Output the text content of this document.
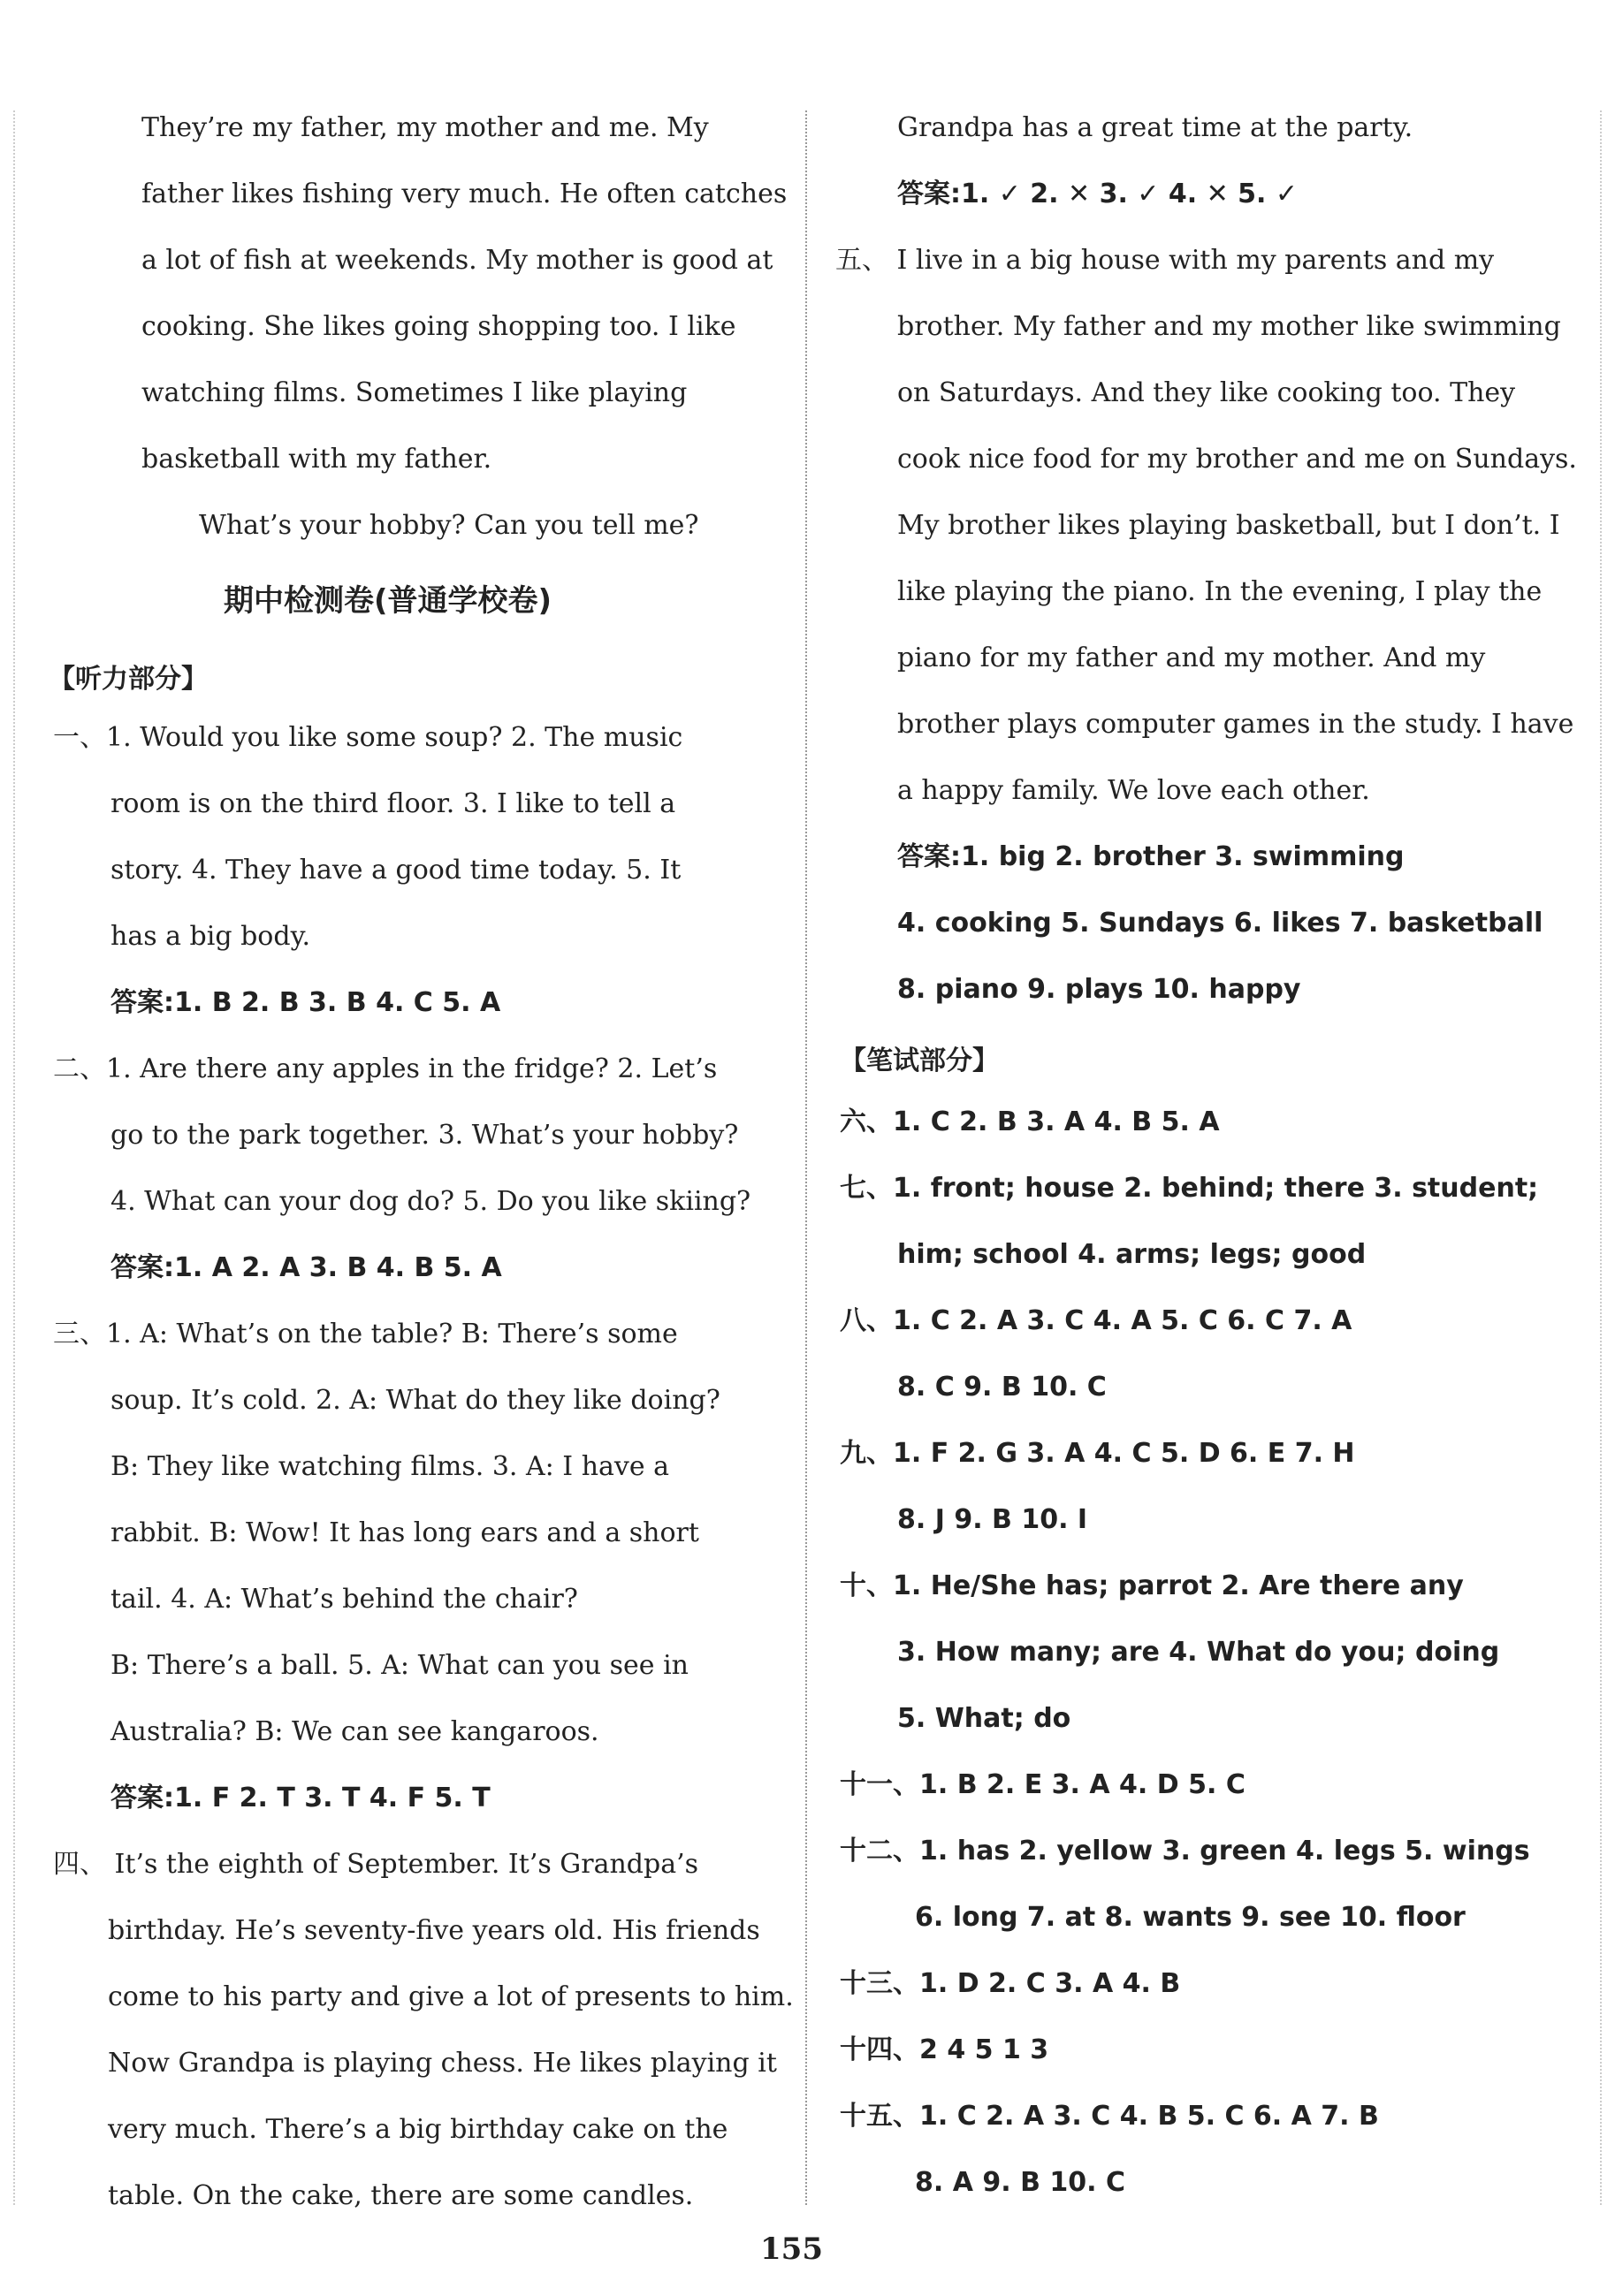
They’re my father, my mother and me. My
father likes fishing very much. He often catches
a lot of fish at weekends. My mother is good at
cooking. She likes going shopping too. I like
watching films. Sometimes I like playing
basketball with my father.
What’s your hobby? Can you tell me?
期中检测卷(普通学校卷)
【听力部分】
一、1. Would you like some soup? 2. The music
room is on the third floor. 3. I like to tell a
story. 4. They have a good time today. 5. It
has a big body.
答案:1. B 2. B 3. B 4. C 5. A
二、1. Are there any apples in the fridge? 2. Let’s
go to the park together. 3. What’s your hobby?
4. What can your dog do? 5. Do you like skiing?
答案:1. A 2. A 3. B 4. B 5. A
三、1. A: What’s on the table? B: There’s some
soup. It’s cold. 2. A: What do they like doing?
B: They like watching films. 3. A: I have a
rabbit. B: Wow! It has long ears and a short
tail. 4. A: What’s behind the chair?
B: There’s a ball. 5. A: What can you see in
Australia? B: We can see kangaroos.
答案:1. F 2. T 3. T 4. F 5. T
四、 It’s the eighth of September. It’s Grandpa’s
birthday. He’s seventy-five years old. His friends
come to his party and give a lot of presents to him.
Now Grandpa is playing chess. He likes playing it
very much. There’s a big birthday cake on the
table. On the cake, there are some candles.
Grandpa has a great time at the party.
答案:1. ✓ 2. ✕ 3. ✓ 4. ✕ 5. ✓
五、 I live in a big house with my parents and my
brother. My father and my mother like swimming
on Saturdays. And they like cooking too. They
cook nice food for my brother and me on Sundays.
My brother likes playing basketball, but I don’t. I
like playing the piano. In the evening, I play the
piano for my father and my mother. And my
brother plays computer games in the study. I have
a happy family. We love each other.
答案:1. big 2. brother 3. swimming
4. cooking 5. Sundays 6. likes 7. basketball
8. piano 9. plays 10. happy
【笔试部分】
六、1. C 2. B 3. A 4. B 5. A
七、1. front; house 2. behind; there 3. student;
him; school 4. arms; legs; good
八、1. C 2. A 3. C 4. A 5. C 6. C 7. A
8. C 9. B 10. C
九、1. F 2. G 3. A 4. C 5. D 6. E 7. H
8. J 9. B 10. I
十、1. He/She has; parrot 2. Are there any
3. How many; are 4. What do you; doing
5. What; do
十一、1. B 2. E 3. A 4. D 5. C
十二、1. has 2. yellow 3. green 4. legs 5. wings
6. long 7. at 8. wants 9. see 10. floor
十三、1. D 2. C 3. A 4. B
十四、2 4 5 1 3
十五、1. C 2. A 3. C 4. B 5. C 6. A 7. B
8. A 9. B 10. C
155
